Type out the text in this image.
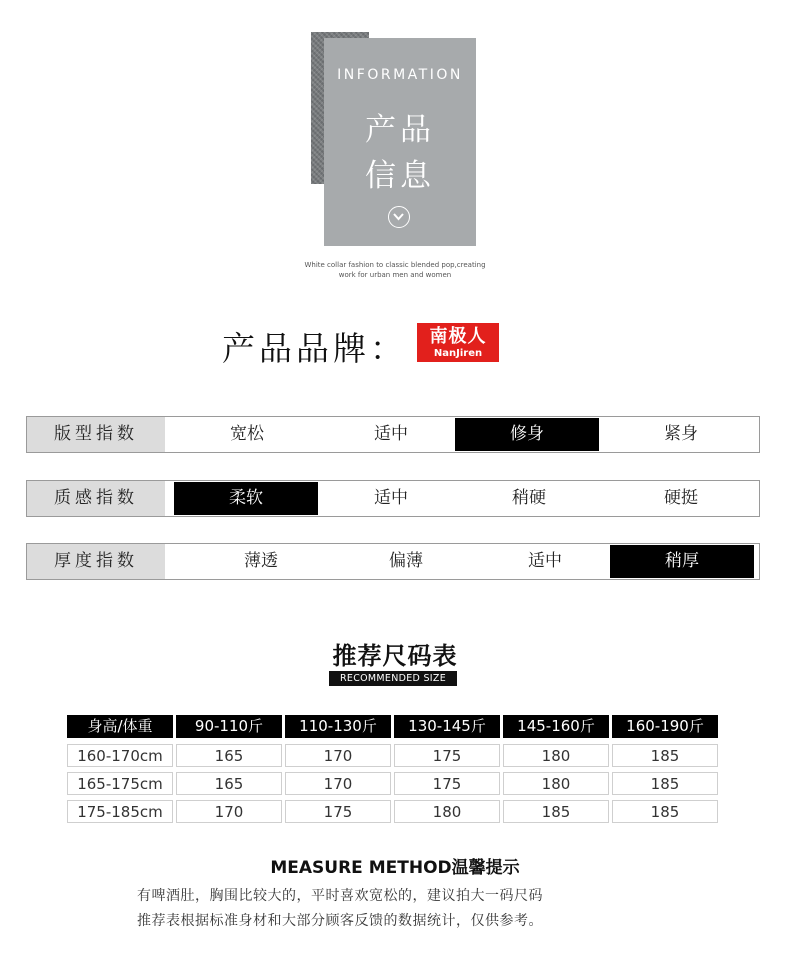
INFORMATION
产品
信息
White collar fashion to classic blended pop,creating
work for urban men and women
产品品牌：	南极人
NanJiren
版型指数	宽松	适中	修身	紧身
质感指数	柔软	适中	稍硬	硬挺
厚度指数	薄透	偏薄	适中	稍厚
推荐尺码表
RECOMMENDED SIZE
身高/体重	90-110斤	110-130斤	130-145斤	145-160斤	160-190斤
160-170cm	165	170	175	180	185
165-175cm	165	170	175	180	185
175-185cm	170	175	180	185	185
MEASURE METHOD温馨提示
有啤酒肚，胸围比较大的，平时喜欢宽松的，建议拍大一码尺码
推荐表根据标准身材和大部分顾客反馈的数据统计，仅供参考。
